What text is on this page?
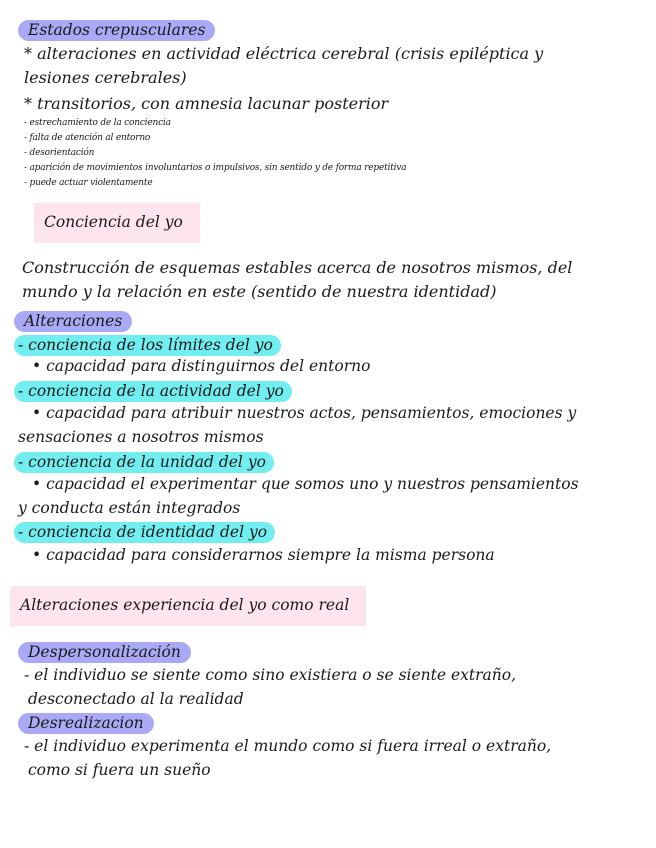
Estados crepusculares
* alteraciones en actividad eléctrica cerebral (crisis epiléptica y
lesiones cerebrales)
* transitorios, con amnesia lacunar posterior
- estrechamiento de la conciencia
- falta de atención al entorno
- desorientación
- aparición de movimientos involuntarios o impulsivos, sin sentido y de forma repetitiva
- puede actuar violentamente
Conciencia del yo
Construcción de esquemas estables acerca de nosotros mismos, del
mundo y la relación en este (sentido de nuestra identidad)
Alteraciones
- conciencia de los límites del yo
• capacidad para distinguirnos del entorno
- conciencia de la actividad del yo
• capacidad para atribuir nuestros actos, pensamientos, emociones y
sensaciones a nosotros mismos
- conciencia de la unidad del yo
• capacidad el experimentar que somos uno y nuestros pensamientos
y conducta están integrados
- conciencia de identidad del yo
• capacidad para considerarnos siempre la misma persona
Alteraciones experiencia del yo como real
Despersonalización
- el individuo se siente como sino existiera o se siente extraño,
desconectado al la realidad
Desrealizacion
- el individuo experimenta el mundo como si fuera irreal o extraño,
como si fuera un sueño
